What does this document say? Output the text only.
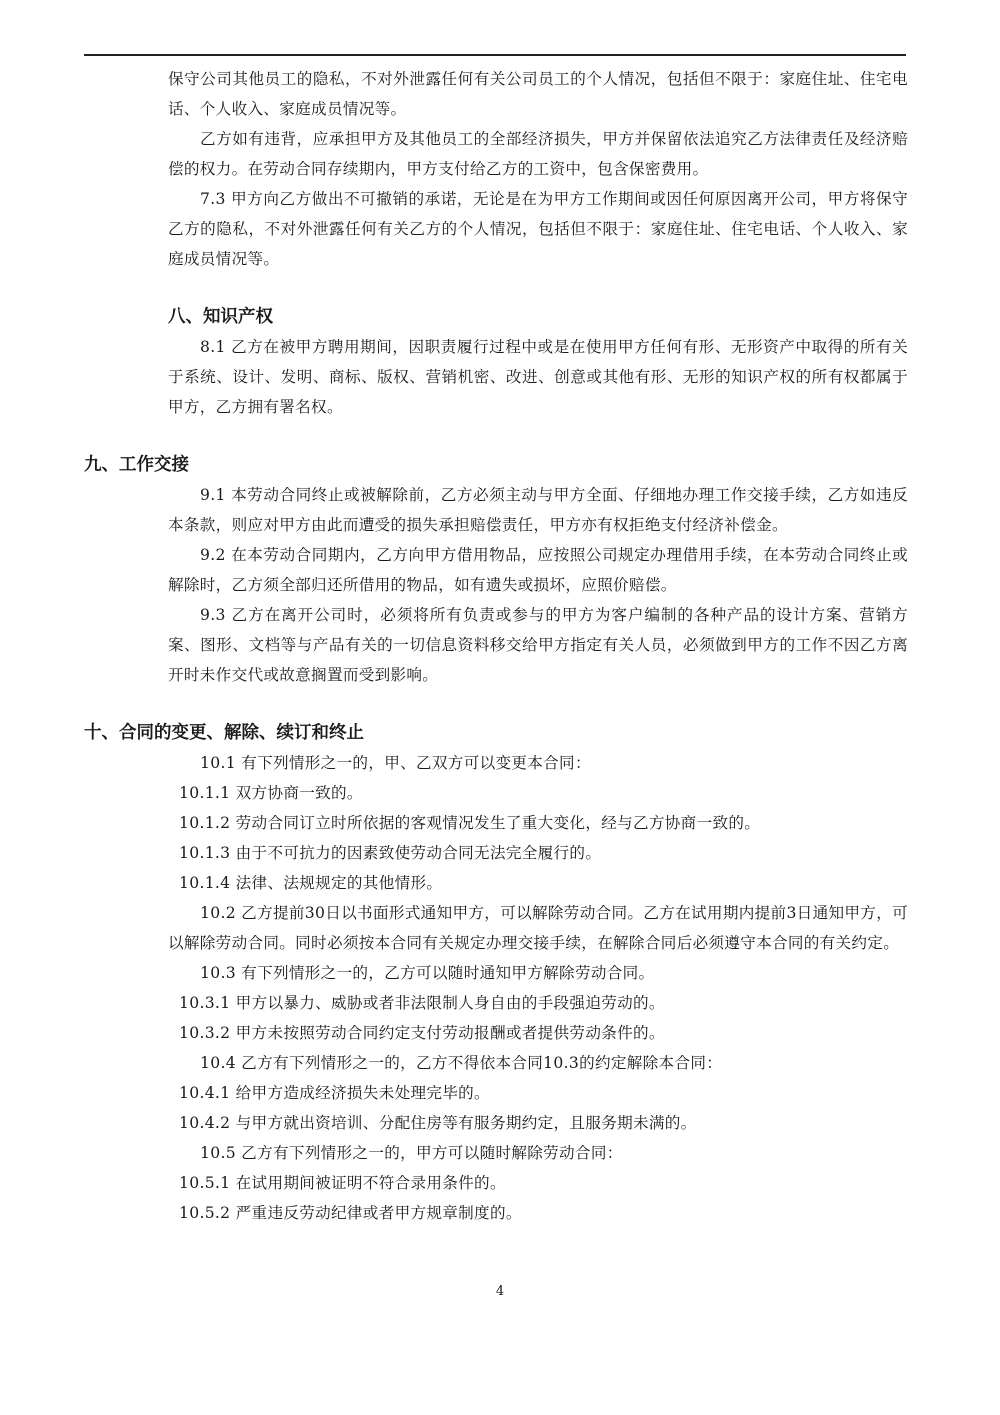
保守公司其他员工的隐私，不对外泄露任何有关公司员工的个人情况，包括但不限于：家庭住址、住宅电话、个人收入、家庭成员情况等。

乙方如有违背，应承担甲方及其他员工的全部经济损失，甲方并保留依法追究乙方法律责任及经济赔偿的权力。在劳动合同存续期内，甲方支付给乙方的工资中，包含保密费用。

7.3 甲方向乙方做出不可撤销的承诺，无论是在为甲方工作期间或因任何原因离开公司，甲方将保守乙方的隐私，不对外泄露任何有关乙方的个人情况，包括但不限于：家庭住址、住宅电话、个人收入、家庭成员情况等。

八、知识产权

8.1 乙方在被甲方聘用期间，因职责履行过程中或是在使用甲方任何有形、无形资产中取得的所有关于系统、设计、发明、商标、版权、营销机密、改进、创意或其他有形、无形的知识产权的所有权都属于甲方，乙方拥有署名权。

九、工作交接

9.1 本劳动合同终止或被解除前，乙方必须主动与甲方全面、仔细地办理工作交接手续，乙方如违反本条款，则应对甲方由此而遭受的损失承担赔偿责任，甲方亦有权拒绝支付经济补偿金。

9.2 在本劳动合同期内，乙方向甲方借用物品，应按照公司规定办理借用手续，在本劳动合同终止或解除时，乙方须全部归还所借用的物品，如有遗失或损坏，应照价赔偿。

9.3 乙方在离开公司时，必须将所有负责或参与的甲方为客户编制的各种产品的设计方案、营销方案、图形、文档等与产品有关的一切信息资料移交给甲方指定有关人员，必须做到甲方的工作不因乙方离开时未作交代或故意搁置而受到影响。

十、合同的变更、解除、续订和终止

10.1 有下列情形之一的，甲、乙双方可以变更本合同：

10.1.1 双方协商一致的。

10.1.2 劳动合同订立时所依据的客观情况发生了重大变化，经与乙方协商一致的。

10.1.3 由于不可抗力的因素致使劳动合同无法完全履行的。

10.1.4 法律、法规规定的其他情形。

10.2 乙方提前30日以书面形式通知甲方，可以解除劳动合同。乙方在试用期内提前3日通知甲方，可以解除劳动合同。同时必须按本合同有关规定办理交接手续，在解除合同后必须遵守本合同的有关约定。

10.3 有下列情形之一的，乙方可以随时通知甲方解除劳动合同。

10.3.1 甲方以暴力、威胁或者非法限制人身自由的手段强迫劳动的。

10.3.2 甲方未按照劳动合同约定支付劳动报酬或者提供劳动条件的。

10.4 乙方有下列情形之一的，乙方不得依本合同10.3的约定解除本合同：

10.4.1 给甲方造成经济损失未处理完毕的。

10.4.2 与甲方就出资培训、分配住房等有服务期约定，且服务期未满的。

10.5 乙方有下列情形之一的，甲方可以随时解除劳动合同：

10.5.1 在试用期间被证明不符合录用条件的。

10.5.2 严重违反劳动纪律或者甲方规章制度的。

4
